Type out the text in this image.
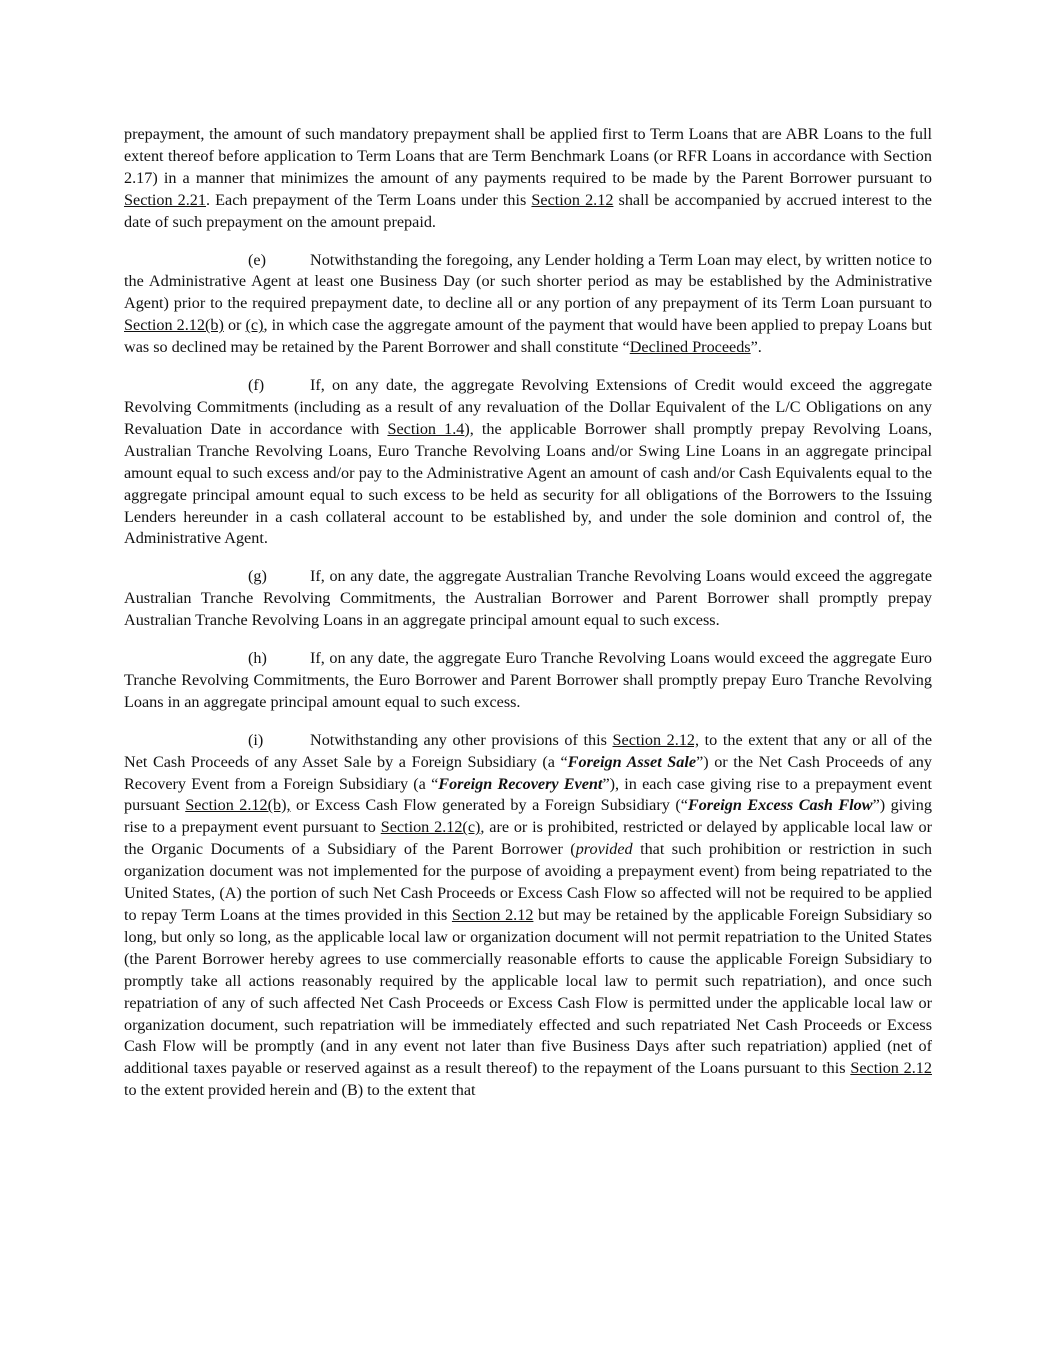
prepayment, the amount of such mandatory prepayment shall be applied first to Term Loans that are ABR Loans to the full extent thereof before application to Term Loans that are Term Benchmark Loans (or RFR Loans in accordance with Section 2.17) in a manner that minimizes the amount of any payments required to be made by the Parent Borrower pursuant to Section 2.21. Each prepayment of the Term Loans under this Section 2.12 shall be accompanied by accrued interest to the date of such prepayment on the amount prepaid.

(e)	Notwithstanding the foregoing, any Lender holding a Term Loan may elect, by written notice to the Administrative Agent at least one Business Day (or such shorter period as may be established by the Administrative Agent) prior to the required prepayment date, to decline all or any portion of any prepayment of its Term Loan pursuant to Section 2.12(b) or (c), in which case the aggregate amount of the payment that would have been applied to prepay Loans but was so declined may be retained by the Parent Borrower and shall constitute “Declined Proceeds”.

(f)	If, on any date, the aggregate Revolving Extensions of Credit would exceed the aggregate Revolving Commitments (including as a result of any revaluation of the Dollar Equivalent of the L/C Obligations on any Revaluation Date in accordance with Section 1.4), the applicable Borrower shall promptly prepay Revolving Loans, Australian Tranche Revolving Loans, Euro Tranche Revolving Loans and/or Swing Line Loans in an aggregate principal amount equal to such excess and/or pay to the Administrative Agent an amount of cash and/or Cash Equivalents equal to the aggregate principal amount equal to such excess to be held as security for all obligations of the Borrowers to the Issuing Lenders hereunder in a cash collateral account to be established by, and under the sole dominion and control of, the Administrative Agent.

(g)	If, on any date, the aggregate Australian Tranche Revolving Loans would exceed the aggregate Australian Tranche Revolving Commitments, the Australian Borrower and Parent Borrower shall promptly prepay Australian Tranche Revolving Loans in an aggregate principal amount equal to such excess.

(h)	If, on any date, the aggregate Euro Tranche Revolving Loans would exceed the aggregate Euro Tranche Revolving Commitments, the Euro Borrower and Parent Borrower shall promptly prepay Euro Tranche Revolving Loans in an aggregate principal amount equal to such excess.

(i)	Notwithstanding any other provisions of this Section 2.12, to the extent that any or all of the Net Cash Proceeds of any Asset Sale by a Foreign Subsidiary (a “Foreign Asset Sale”) or the Net Cash Proceeds of any Recovery Event from a Foreign Subsidiary (a “Foreign Recovery Event”), in each case giving rise to a prepayment event pursuant Section 2.12(b), or Excess Cash Flow generated by a Foreign Subsidiary (“Foreign Excess Cash Flow”) giving rise to a prepayment event pursuant to Section 2.12(c), are or is prohibited, restricted or delayed by applicable local law or the Organic Documents of a Subsidiary of the Parent Borrower (provided that such prohibition or restriction in such organization document was not implemented for the purpose of avoiding a prepayment event) from being repatriated to the United States, (A) the portion of such Net Cash Proceeds or Excess Cash Flow so affected will not be required to be applied to repay Term Loans at the times provided in this Section 2.12 but may be retained by the applicable Foreign Subsidiary so long, but only so long, as the applicable local law or organization document will not permit repatriation to the United States (the Parent Borrower hereby agrees to use commercially reasonable efforts to cause the applicable Foreign Subsidiary to promptly take all actions reasonably required by the applicable local law to permit such repatriation), and once such repatriation of any of such affected Net Cash Proceeds or Excess Cash Flow is permitted under the applicable local law or organization document, such repatriation will be immediately effected and such repatriated Net Cash Proceeds or Excess Cash Flow will be promptly (and in any event not later than five Business Days after such repatriation) applied (net of additional taxes payable or reserved against as a result thereof) to the repayment of the Loans pursuant to this Section 2.12 to the extent provided herein and (B) to the extent that
